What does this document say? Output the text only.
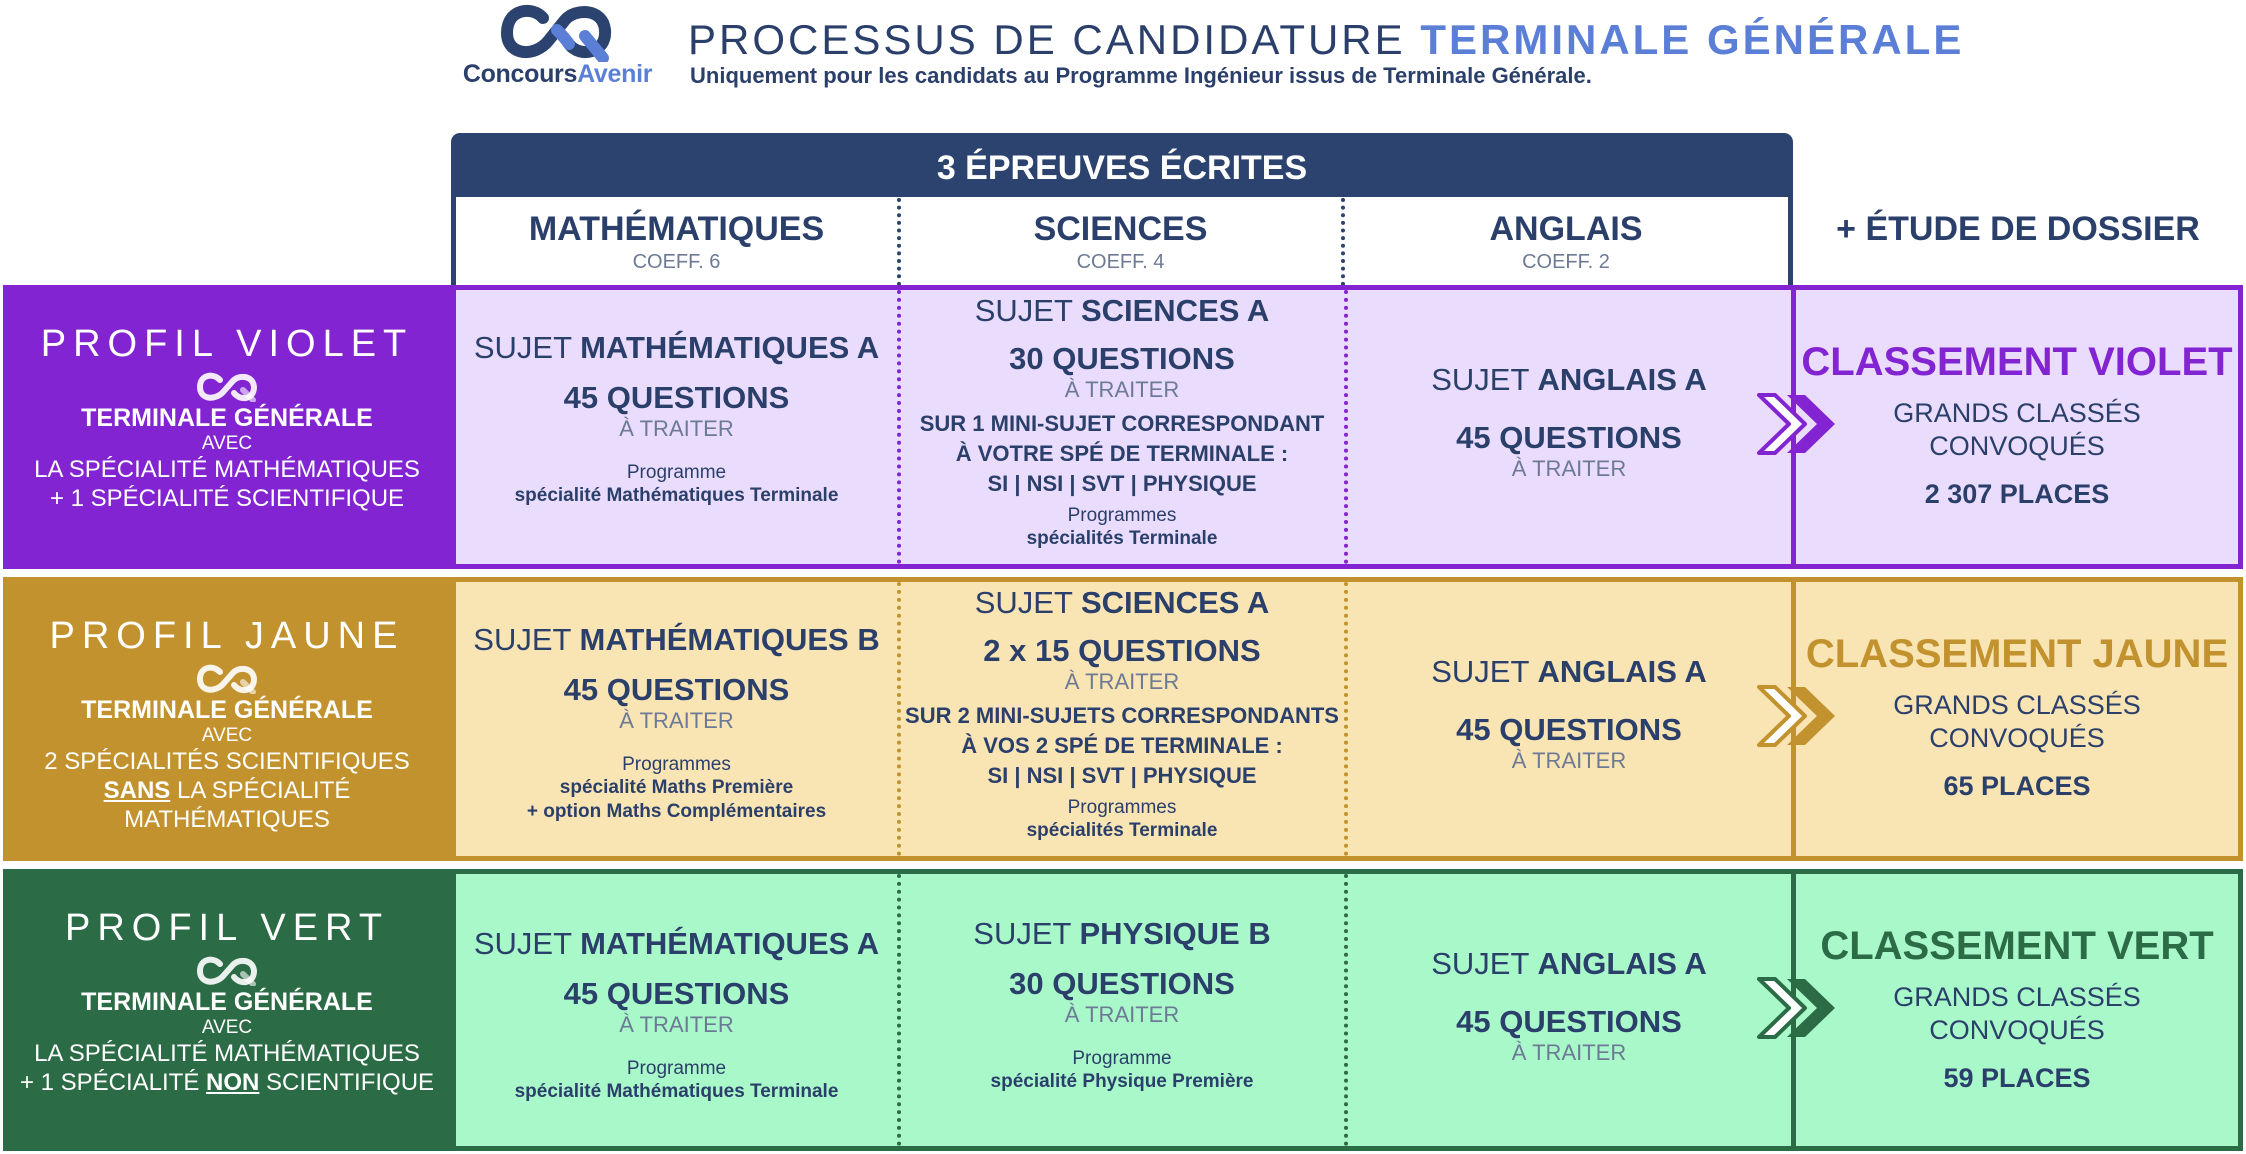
ConcoursAvenir
PROCESSUS DE CANDIDATURE TERMINALE GÉNÉRALE
Uniquement pour les candidats au Programme Ingénieur issus de Terminale Générale.
3 ÉPREUVES ÉCRITES
MATHÉMATIQUES
COEFF. 6
SCIENCES
COEFF. 4
ANGLAIS
COEFF. 2
+ ÉTUDE DE DOSSIER
PROFIL VIOLET
TERMINALE GÉNÉRALE
AVEC
LA SPÉCIALITÉ MATHÉMATIQUES
+ 1 SPÉCIALITÉ SCIENTIFIQUE
SUJET MATHÉMATIQUES A
45 QUESTIONS
À TRAITER
Programme
spécialité Mathématiques Terminale
SUJET SCIENCES A
30 QUESTIONS
À TRAITER
SUR 1 MINI-SUJET CORRESPONDANT
À VOTRE SPÉ DE TERMINALE :
SI | NSI | SVT | PHYSIQUE
Programmes
spécialités Terminale
SUJET ANGLAIS A
45 QUESTIONS
À TRAITER
CLASSEMENT VIOLET
GRANDS CLASSÉS
CONVOQUÉS
2 307 PLACES
PROFIL JAUNE
TERMINALE GÉNÉRALE
AVEC
2 SPÉCIALITÉS SCIENTIFIQUES
SANS LA SPÉCIALITÉ MATHÉMATIQUES
SUJET MATHÉMATIQUES B
45 QUESTIONS
À TRAITER
Programmes
spécialité Maths Première
+ option Maths Complémentaires
SUJET SCIENCES A
2 x 15 QUESTIONS
À TRAITER
SUR 2 MINI-SUJETS CORRESPONDANTS
À VOS 2 SPÉ DE TERMINALE :
SI | NSI | SVT | PHYSIQUE
Programmes
spécialités Terminale
SUJET ANGLAIS A
45 QUESTIONS
À TRAITER
CLASSEMENT JAUNE
GRANDS CLASSÉS
CONVOQUÉS
65 PLACES
PROFIL VERT
TERMINALE GÉNÉRALE
AVEC
LA SPÉCIALITÉ MATHÉMATIQUES
+ 1 SPÉCIALITÉ NON SCIENTIFIQUE
SUJET MATHÉMATIQUES A
45 QUESTIONS
À TRAITER
Programme
spécialité Mathématiques Terminale
SUJET PHYSIQUE B
30 QUESTIONS
À TRAITER
Programme
spécialité Physique Première
SUJET ANGLAIS A
45 QUESTIONS
À TRAITER
CLASSEMENT VERT
GRANDS CLASSÉS
CONVOQUÉS
59 PLACES
